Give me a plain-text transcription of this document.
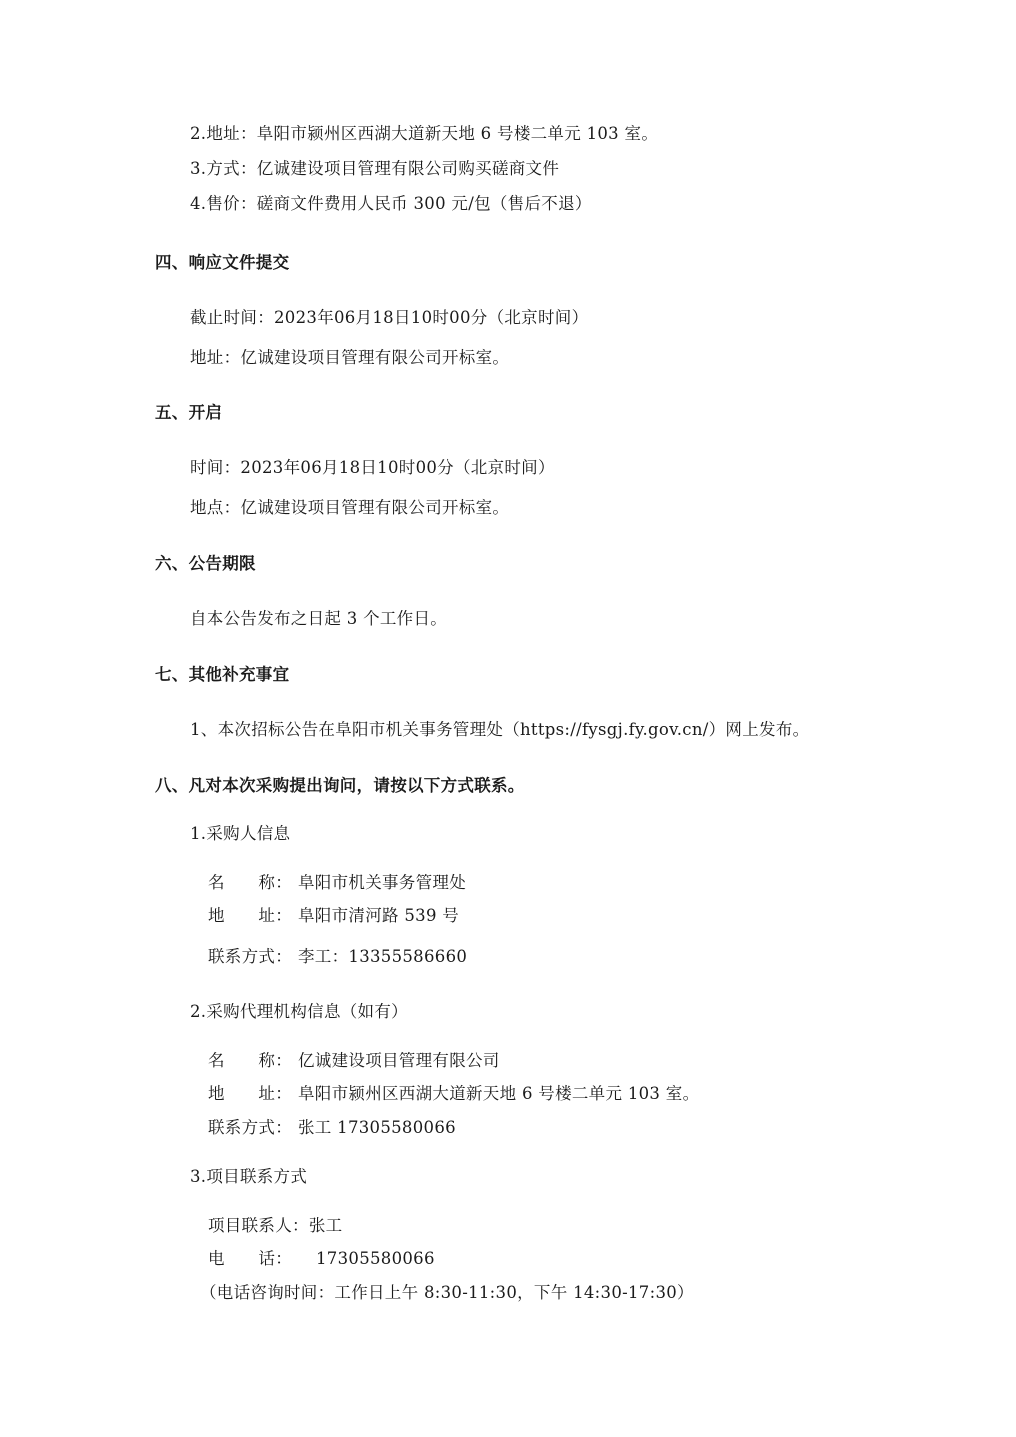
2.地址：阜阳市颍州区西湖大道新天地 6 号楼二单元 103 室。
3.方式：亿诚建设项目管理有限公司购买磋商文件
4.售价：磋商文件费用人民币 300 元/包（售后不退）
四、响应文件提交
截止时间：2023年06月18日10时00分（北京时间）
地址：亿诚建设项目管理有限公司开标室。
五、开启
时间：2023年06月18日10时00分（北京时间）
地点：亿诚建设项目管理有限公司开标室。
六、公告期限
自本公告发布之日起 3 个工作日。
七、其他补充事宜
1、本次招标公告在阜阳市机关事务管理处（https://fysgj.fy.gov.cn/）网上发布。
八、凡对本次采购提出询问，请按以下方式联系。
1.采购人信息
名　　称： 阜阳市机关事务管理处
地　　址： 阜阳市清河路 539 号
联系方式： 李工：13355586660
2.采购代理机构信息（如有）
名　　称： 亿诚建设项目管理有限公司
地　　址： 阜阳市颍州区西湖大道新天地 6 号楼二单元 103 室。
联系方式： 张工 17305580066
3.项目联系方式
项目联系人：张工
电　　话： 17305580066
（电话咨询时间：工作日上午 8:30-11:30，下午 14:30-17:30）
